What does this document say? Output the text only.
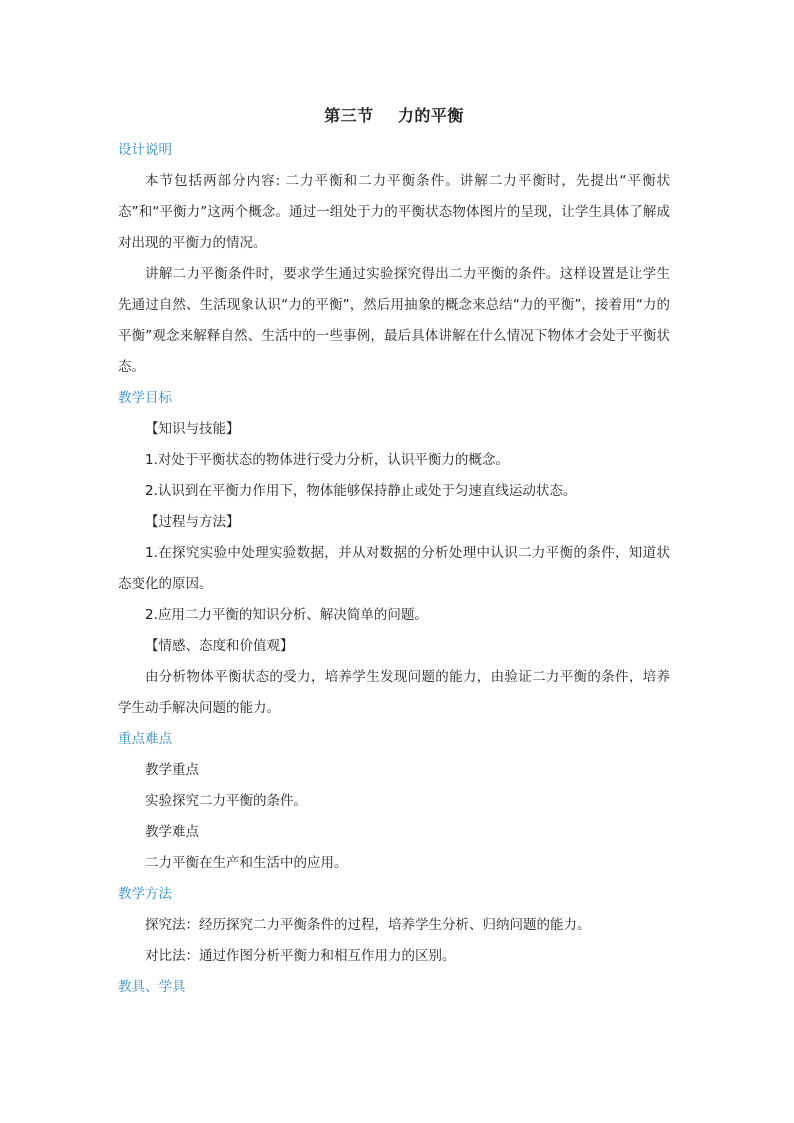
第三节    力的平衡
设计说明

本节包括两部分内容: 二力平衡和二力平衡条件。讲解二力平衡时，先提出“平衡状态”和“平衡力”这两个概念。通过一组处于力的平衡状态物体图片的呈现，让学生具体了解成对出现的平衡力的情况。

讲解二力平衡条件时，要求学生通过实验探究得出二力平衡的条件。这样设置是让学生先通过自然、生活现象认识“力的平衡”，然后用抽象的概念来总结“力的平衡”，接着用“力的平衡”观念来解释自然、生活中的一些事例，最后具体讲解在什么情况下物体才会处于平衡状态。

教学目标
【知识与技能】

1.对处于平衡状态的物体进行受力分析，认识平衡力的概念。

2.认识到在平衡力作用下，物体能够保持静止或处于匀速直线运动状态。

【过程与方法】

1.在探究实验中处理实验数据，并从对数据的分析处理中认识二力平衡的条件，知道状态变化的原因。

2.应用二力平衡的知识分析、解决简单的问题。

【情感、态度和价值观】

由分析物体平衡状态的受力，培养学生发现问题的能力，由验证二力平衡的条件，培养学生动手解决问题的能力。

重点难点
教学重点
实验探究二力平衡的条件。
教学难点
二力平衡在生产和生活中的应用。
教学方法
探究法：经历探究二力平衡条件的过程，培养学生分析、归纳问题的能力。
对比法：通过作图分析平衡力和相互作用力的区别。
教具、学具
